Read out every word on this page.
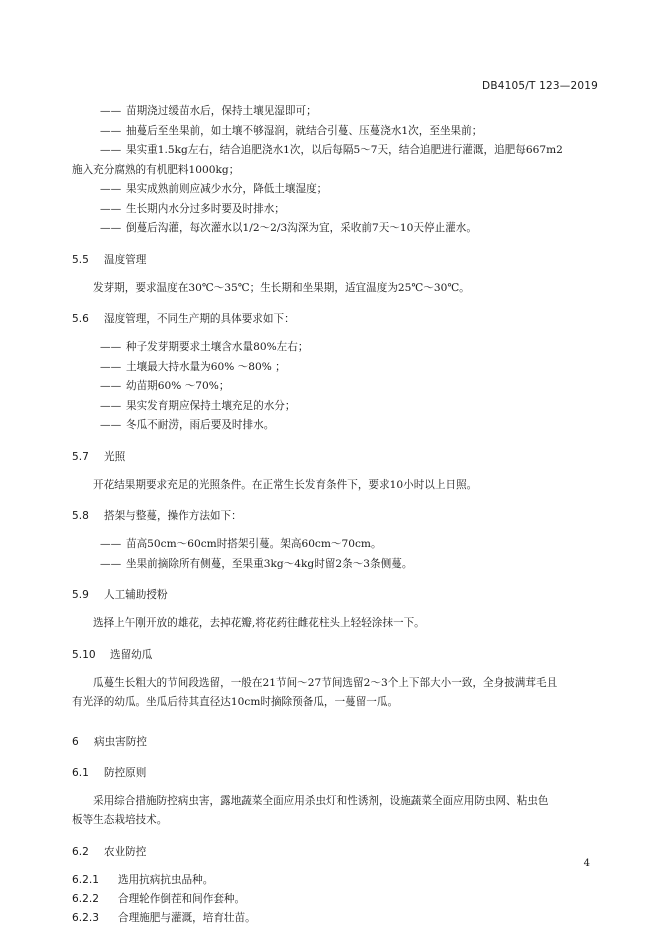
DB4105/T 123—2019
—— 苗期浇过缓苗水后，保持土壤见湿即可；
—— 抽蔓后至坐果前，如土壤不够湿润，就结合引蔓、压蔓浇水1次，至坐果前；
—— 果实重1.5kg左右，结合追肥浇水1次，以后每隔5～7天，结合追肥进行灌溉，追肥每667m2
施入充分腐熟的有机肥料1000kg；
—— 果实成熟前则应减少水分，降低土壤湿度；
—— 生长期内水分过多时要及时排水；
—— 倒蔓后沟灌，每次灌水以1/2～2/3沟深为宜，采收前7天～10天停止灌水。
5.5 温度管理
发芽期，要求温度在30℃～35℃；生长期和坐果期，适宜温度为25℃～30℃。
5.6 湿度管理，不同生产期的具体要求如下：
—— 种子发芽期要求土壤含水量80%左右；
—— 土壤最大持水量为60% ～80% ；
—— 幼苗期60% ～70%；
—— 果实发育期应保持土壤充足的水分；
—— 冬瓜不耐涝，雨后要及时排水。
5.7 光照
开花结果期要求充足的光照条件。在正常生长发育条件下，要求10小时以上日照。
5.8 搭架与整蔓，操作方法如下：
—— 苗高50cm～60cm时搭架引蔓。架高60cm～70cm。
—— 坐果前摘除所有侧蔓，至果重3kg～4kg时留2条～3条侧蔓。
5.9 人工辅助授粉
选择上午刚开放的雄花，去掉花瓣,将花药往雌花柱头上轻轻涂抹一下。
5.10 选留幼瓜
瓜蔓生长粗大的节间段选留，一般在21节间～27节间选留2～3个上下部大小一致，全身披满茸毛且
有光泽的幼瓜。坐瓜后待其直径达10cm时摘除预备瓜，一蔓留一瓜。
6 病虫害防控
6.1 防控原则
采用综合措施防控病虫害，露地蔬菜全面应用杀虫灯和性诱剂，设施蔬菜全面应用防虫网、粘虫色
板等生态栽培技术。
6.2 农业防控
6.2.1 选用抗病抗虫品种。
6.2.2 合理轮作倒茬和间作套种。
6.2.3 合理施肥与灌溉，培育壮苗。
4
